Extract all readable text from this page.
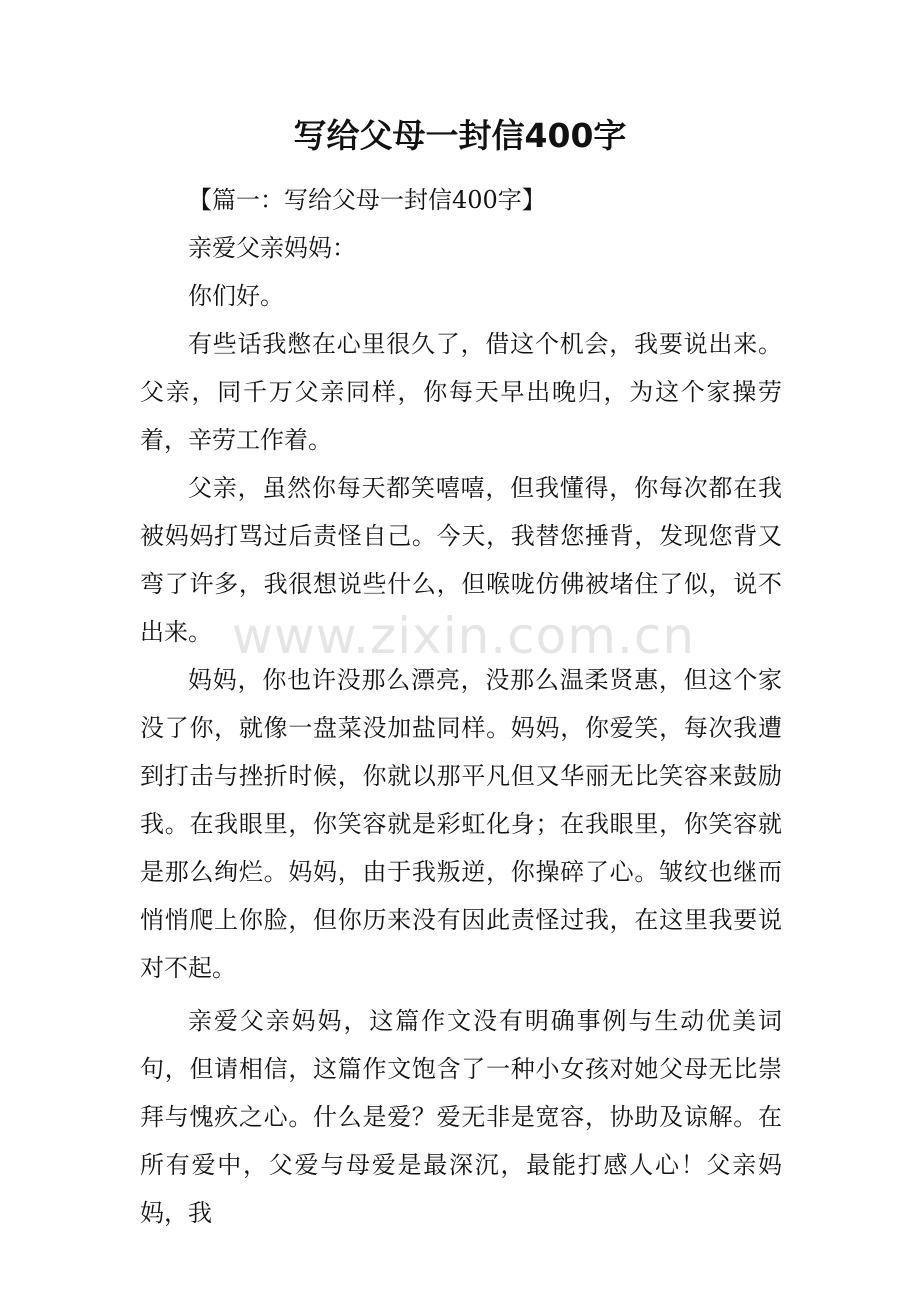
写给父母一封信400字

【篇一：写给父母一封信400字】

亲爱父亲妈妈：

你们好。

有些话我憋在心里很久了，借这个机会，我要说出来。父亲，同千万父亲同样，你每天早出晚归，为这个家操劳着，辛劳工作着。

父亲，虽然你每天都笑嘻嘻，但我懂得，你每次都在我被妈妈打骂过后责怪自己。今天，我替您捶背，发现您背又弯了许多，我很想说些什么，但喉咙仿佛被堵住了似，说不出来。

妈妈，你也许没那么漂亮，没那么温柔贤惠，但这个家没了你，就像一盘菜没加盐同样。妈妈，你爱笑，每次我遭到打击与挫折时候，你就以那平凡但又华丽无比笑容来鼓励我。在我眼里，你笑容就是彩虹化身；在我眼里，你笑容就是那么绚烂。妈妈，由于我叛逆，你操碎了心。皱纹也继而悄悄爬上你脸，但你历来没有因此责怪过我，在这里我要说对不起。

亲爱父亲妈妈，这篇作文没有明确事例与生动优美词句，但请相信，这篇作文饱含了一种小女孩对她父母无比崇拜与愧疚之心。什么是爱？爱无非是宽容，协助及谅解。在所有爱中，父爱与母爱是最深沉，最能打感人心！父亲妈妈，我

www.zixin.com.cn
